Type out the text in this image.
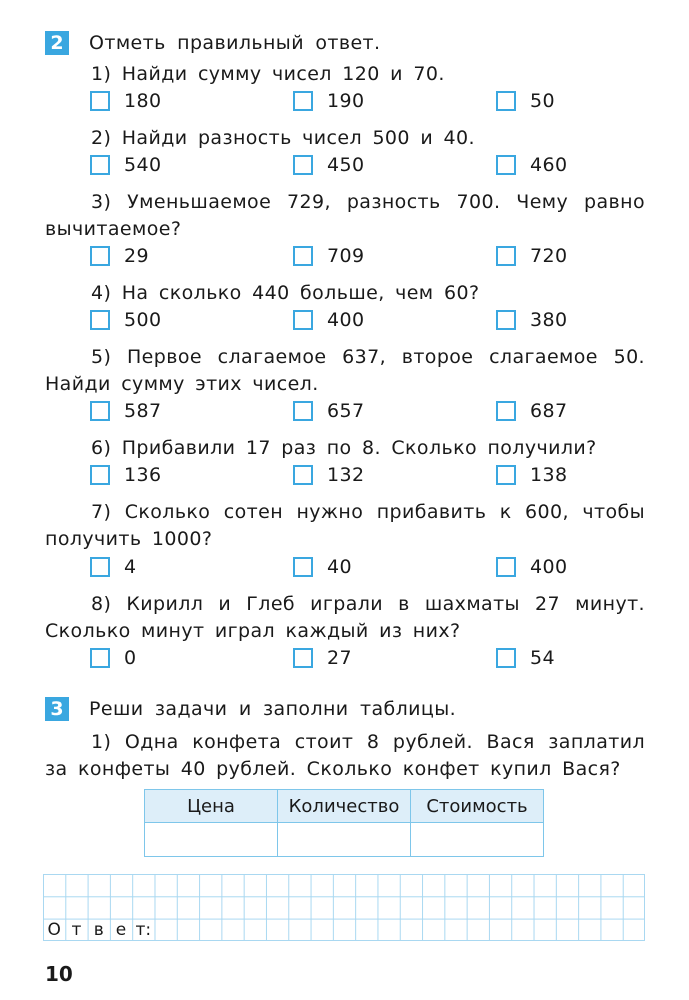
2 Отметь правильный ответ.
1) Найди сумму чисел 120 и 70.
180	190	50
2) Найди разность чисел 500 и 40.
540	450	460
3) Уменьшаемое 729, разность 700. Чему равно вычитаемое?
29	709	720
4) На сколько 440 больше, чем 60?
500	400	380
5) Первое слагаемое 637, второе слагаемое 50. Найди сумму этих чисел.
587	657	687
6) Прибавили 17 раз по 8. Сколько получили?
136	132	138
7) Сколько сотен нужно прибавить к 600, чтобы получить 1000?
4	40	400
8) Кирилл и Глеб играли в шахматы 27 минут. Сколько минут играл каждый из них?
0	27	54
3 Реши задачи и заполни таблицы.
1) Одна конфета стоит 8 рублей. Вася заплатил за конфеты 40 рублей. Сколько конфет купил Вася?
Цена	Количество	Стоимость

О т в е т:
10
